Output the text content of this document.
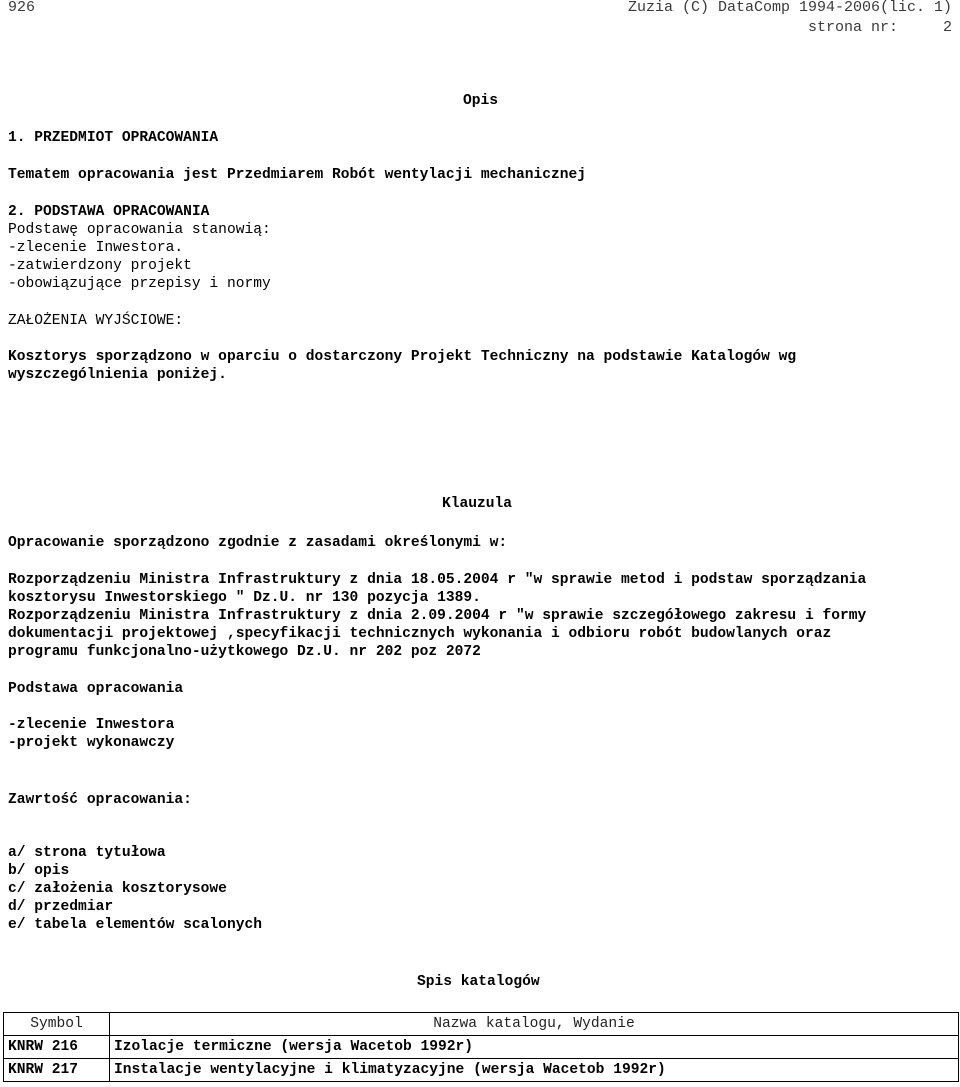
926	Zuzia (C) DataComp 1994-2006(lic. 1)
strona nr:	2
Opis
1. PRZEDMIOT OPRACOWANIA
Tematem opracowania jest Przedmiarem Robót wentylacji mechanicznej
2. PODSTAWA OPRACOWANIA
Podstawę opracowania stanowią:
-zlecenie Inwestora.
-zatwierdzony projekt
-obowiązujące przepisy i normy
ZAŁOŻENIA WYJŚCIOWE:
Kosztorys sporządzono w oparciu o dostarczony Projekt Techniczny na podstawie Katalogów wg
wyszczególnienia poniżej.
Klauzula
Opracowanie sporządzono zgodnie z zasadami określonymi w:
Rozporządzeniu Ministra Infrastruktury z dnia 18.05.2004 r "w sprawie metod i podstaw sporządzania
kosztorysu Inwestorskiego " Dz.U. nr 130 pozycja 1389.
Rozporządzeniu Ministra Infrastruktury z dnia 2.09.2004 r "w sprawie szczegółowego zakresu i formy
dokumentacji projektowej ,specyfikacji technicznych wykonania i odbioru robót budowlanych oraz
programu funkcjonalno-użytkowego Dz.U. nr 202 poz 2072
Podstawa opracowania
-zlecenie Inwestora
-projekt wykonawczy
Zawrtość opracowania:
a/ strona tytułowa
b/ opis
c/ założenia kosztorysowe
d/ przedmiar
e/ tabela elementów scalonych
Spis katalogów
Symbol	Nazwa katalogu, Wydanie
KNRW 216	Izolacje termiczne (wersja Wacetob 1992r)
KNRW 217	Instalacje wentylacyjne i klimatyzacyjne (wersja Wacetob 1992r)
